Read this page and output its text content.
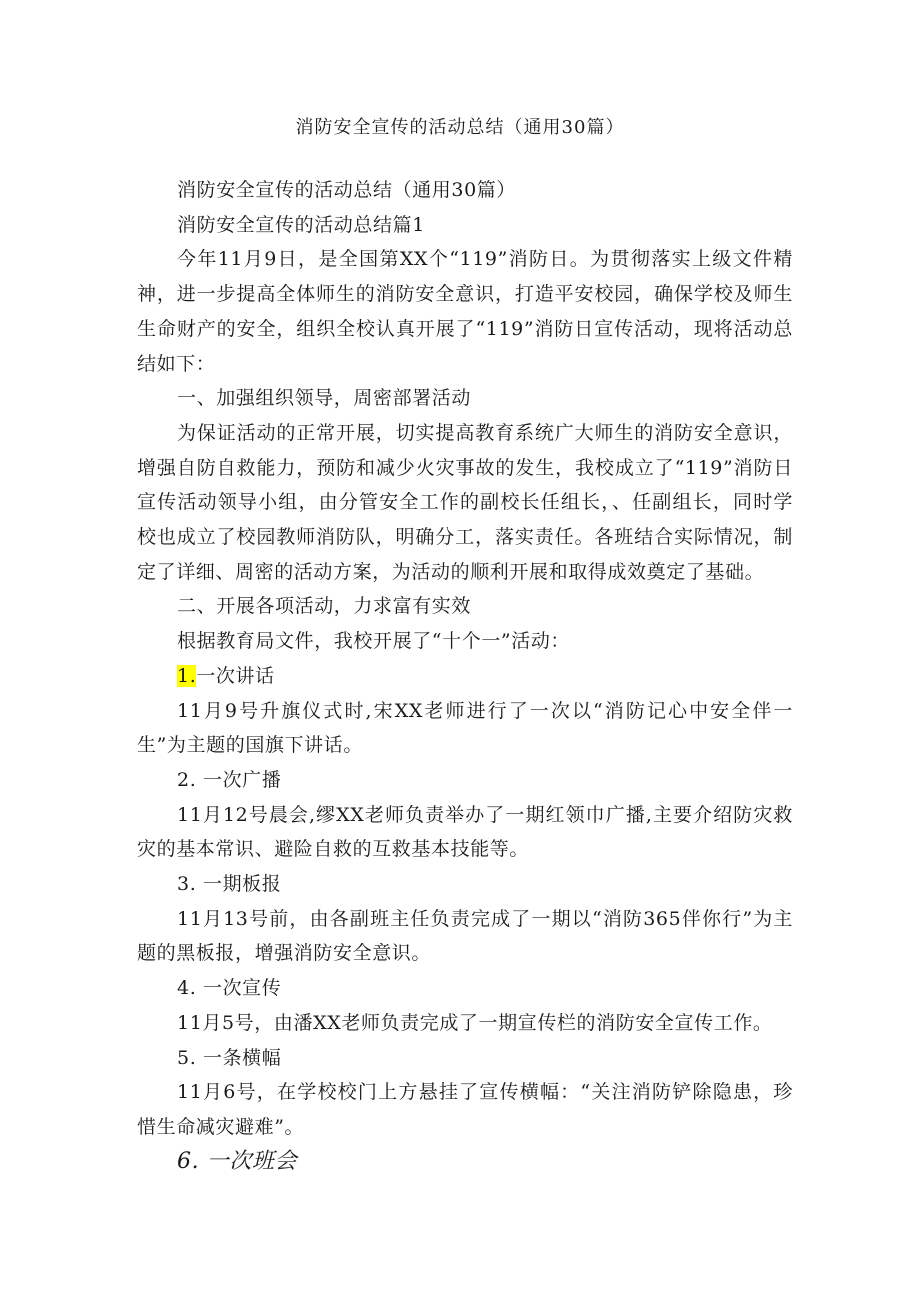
消防安全宣传的活动总结（通用30篇）

消防安全宣传的活动总结（通用30篇）

消防安全宣传的活动总结篇1

今年11月9日，是全国第XX个“119”消防日。为贯彻落实上级文件精神，进一步提高全体师生的消防安全意识，打造平安校园，确保学校及师生生命财产的安全，组织全校认真开展了“119”消防日宣传活动，现将活动总结如下：

一、加强组织领导，周密部署活动

为保证活动的正常开展，切实提高教育系统广大师生的消防安全意识，增强自防自救能力，预防和减少火灾事故的发生，我校成立了“119”消防日宣传活动领导小组，由分管安全工作的副校长任组长，、任副组长，同时学校也成立了校园教师消防队，明确分工，落实责任。各班结合实际情况，制定了详细、周密的活动方案，为活动的顺利开展和取得成效奠定了基础。

二、开展各项活动，力求富有实效

根据教育局文件，我校开展了“十个一”活动：

1.一次讲话

11月9号升旗仪式时,宋XX老师进行了一次以“消防记心中安全伴一生”为主题的国旗下讲话。

2. 一次广播

11月12号晨会,缪XX老师负责举办了一期红领巾广播,主要介绍防灾救灾的基本常识、避险自救的互救基本技能等。

3. 一期板报

11月13号前，由各副班主任负责完成了一期以“消防365伴你行”为主题的黑板报，增强消防安全意识。

4. 一次宣传

11月5号，由潘XX老师负责完成了一期宣传栏的消防安全宣传工作。

5. 一条横幅

11月6号，在学校校门上方悬挂了宣传横幅：“关注消防铲除隐患，珍惜生命减灾避难”。

6. 一次班会
